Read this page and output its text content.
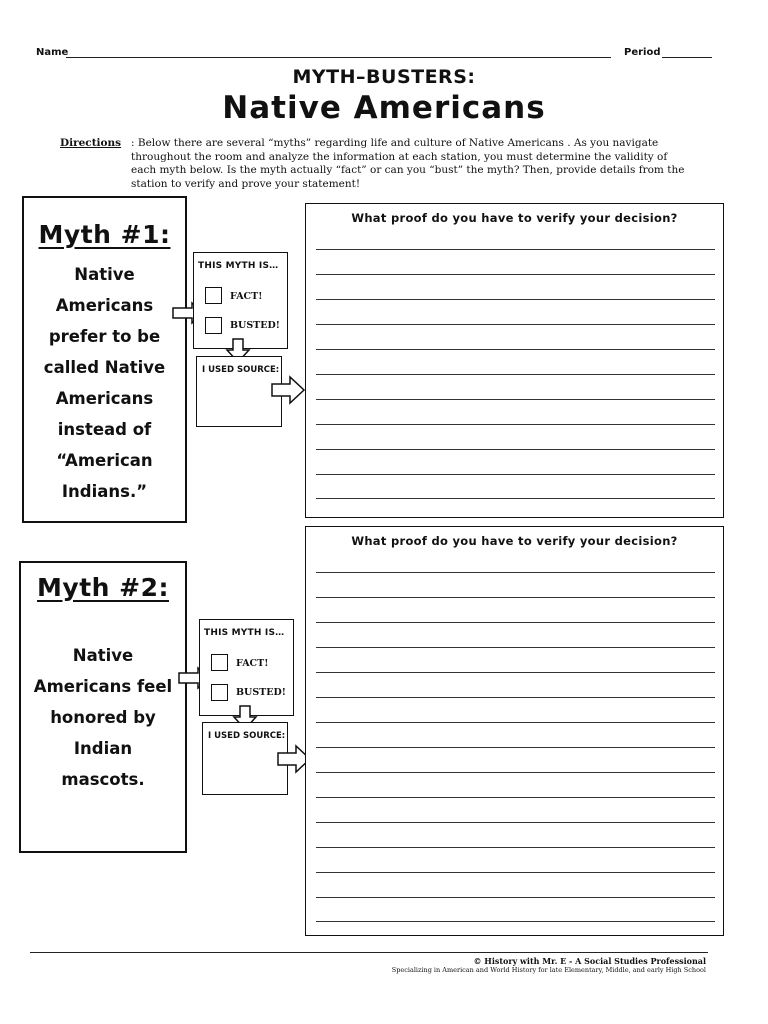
Name	Period
MYTH–BUSTERS:
Native Americans
Directions : Below there are several “myths” regarding life and culture of Native Americans . As you navigate throughout the room and analyze the information at each station, you must determine the validity of each myth below. Is the myth actually “fact” or can you “bust” the myth? Then, provide details from the station to verify and prove your statement!
Myth #1:
Native
Americans
prefer to be
called Native
Americans
instead of
“American
Indians.”
THIS MYTH IS…
FACT!
BUSTED!
I USED SOURCE:
What proof do you have to verify your decision?
Myth #2:
Native
Americans feel
honored by
Indian
mascots.
THIS MYTH IS…
FACT!
BUSTED!
I USED SOURCE:
What proof do you have to verify your decision?
© History with Mr. E - A Social Studies Professional
Specializing in American and World History for late Elementary, Middle, and early High School
